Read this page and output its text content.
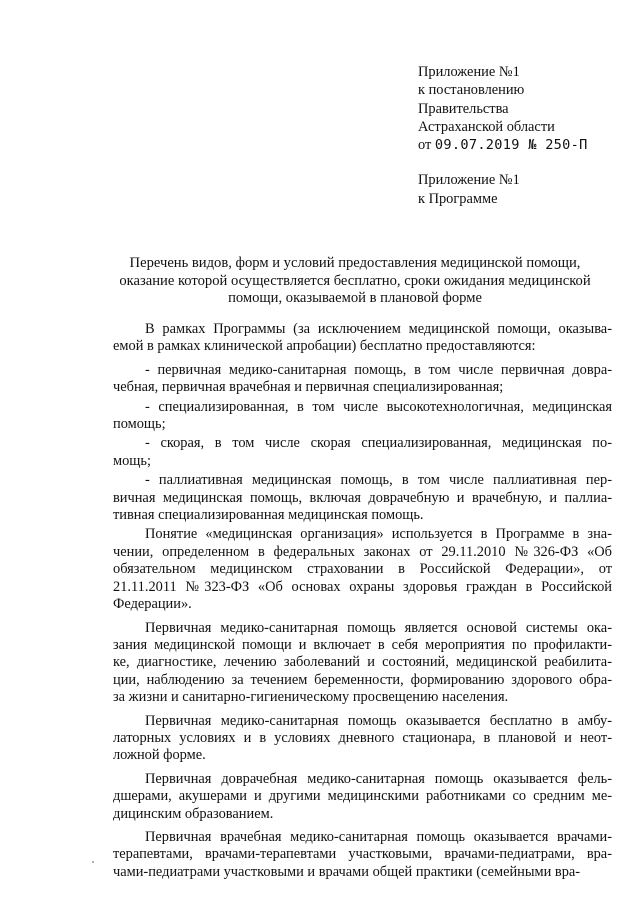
Приложение №1
к постановлению
Правительства
Астраханской области
от 09.07.2019 № 250-П
Приложение №1
к Программе
Перечень видов, форм и условий предоставления медицинской помощи,
оказание которой осуществляется бесплатно, сроки ожидания медицинской
помощи, оказываемой в плановой форме

В рамках Программы (за исключением медицинской помощи, оказыва-
емой в рамках клинической апробации) бесплатно предоставляются:

- первичная медико-санитарная помощь, в том числе первичная довра-
чебная, первичная врачебная и первичная специализированная;

- специализированная, в том числе высокотехнологичная, медицинская
помощь;

- скорая, в том числе скорая специализированная, медицинская по-
мощь;

- паллиативная медицинская помощь, в том числе паллиативная пер-
вичная медицинская помощь, включая доврачебную и врачебную, и паллиа-
тивная специализированная медицинская помощь.

Понятие «медицинская организация» используется в Программе в зна-
чении, определенном в федеральных законах от 29.11.2010 №326-ФЗ «Об
обязательном медицинском страховании в Российской Федерации», от
21.11.2011 №323-ФЗ «Об основах охраны здоровья граждан в Российской
Федерации».

Первичная медико-санитарная помощь является основой системы ока-
зания медицинской помощи и включает в себя мероприятия по профилакти-
ке, диагностике, лечению заболеваний и состояний, медицинской реабилита-
ции, наблюдению за течением беременности, формированию здорового обра-
за жизни и санитарно-гигиеническому просвещению населения.

Первичная медико-санитарная помощь оказывается бесплатно в амбу-
латорных условиях и в условиях дневного стационара, в плановой и неот-
ложной форме.

Первичная доврачебная медико-санитарная помощь оказывается фель-
дшерами, акушерами и другими медицинскими работниками со средним ме-
дицинским образованием.

Первичная врачебная медико-санитарная помощь оказывается врачами-
терапевтами, врачами-терапевтами участковыми, врачами-педиатрами, вра-
чами-педиатрами участковыми и врачами общей практики (семейными вра-
